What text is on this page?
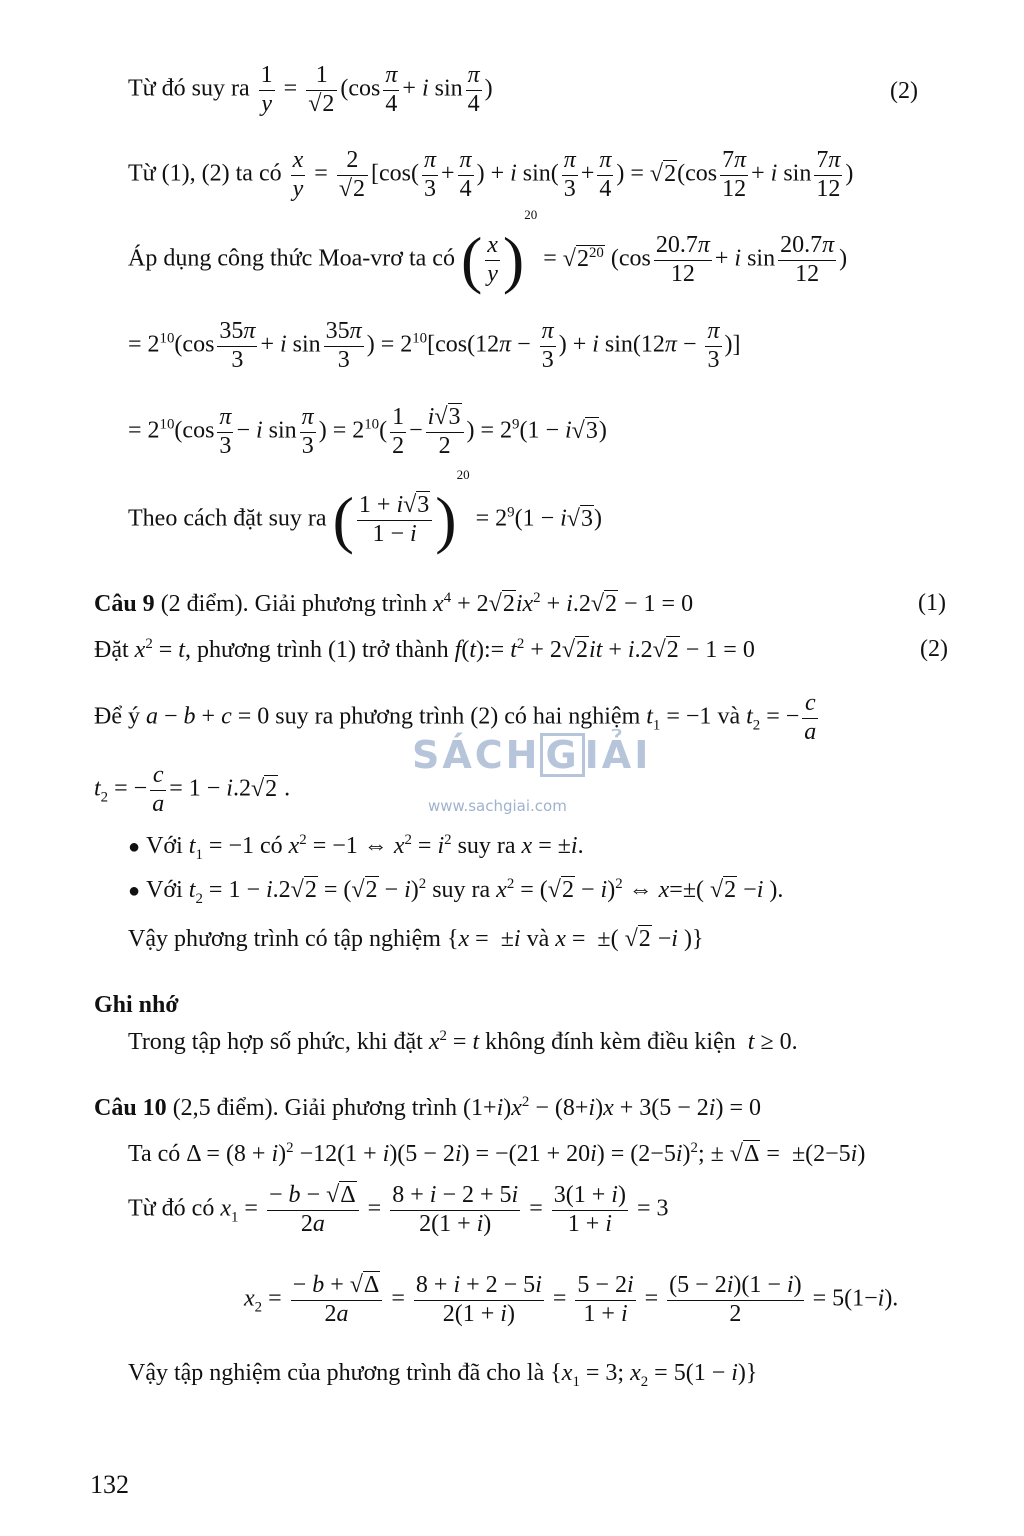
SÁCH G IẢI
www.sachgiai.com
Từ đó suy ra $\frac{1}{y} = 1$
√ 2 ($\cos \frac{\pi}{4} + i$ $\sin \frac{\pi}{4}$ )	(2)
Từ (1), (2) ta có $\frac{x}{y} = 2$
√ 2 [$\cos( \frac{\pi}{3} + \frac{\pi}{4}$ ) + i $\sin( \frac{\pi}{3} + \frac{\pi}{4}$ ) = √ $2(\cos \frac{7\pi}{12} + i$ $\sin \frac{7\pi}{12}$ )
Áp dụng công thức Moa-vrơ ta có ( $\frac{x}{y} )^{20}$ = √ $2^{20}$ ($\cos \frac{20.7\pi}{12} + i$ $\sin \frac{20.7\pi}{12}$ )
= $2^{10}(\cos \frac{35\pi}{3} + i$ $\sin \frac{35\pi}{3}$ ) = $2^{10}[\cos(12\pi - \frac{\pi}{3}$ ) + i $\sin(12\pi - \frac{\pi}{3}$ )]
= $2^{10}(\cos \frac{\pi}{3} - i$ $\sin \frac{\pi}{3}$ ) = $2^{10}( \frac{1}{2} - \frac{i√ 3}{2}$ ) = $2^9(1 - i√$ 3)
Theo cách đặt suy ra ( $\frac{1 + i√ 3}{1 - i} )^{20} = 2^9(1 - i√$ 3)
Câu 9 (2 điểm). Giải phương trình $x^4 + 2√$ $2ix^2 + i.2√$ 2 − 1 = 0	(1)
Đặt $x^2 = t$, phương trình (1) trở thành f(t):= $t^2 + 2√$ 2it + i.2√ 2 − 1 = 0	(2)
Để ý a − b + c = 0 suy ra phương trình (2) có hai nghiệm $t_1 = -1$ và $t_2$ = − $\frac{c}{a}$
$t_2$ = − $\frac{c}{a} = 1 - i.2√$ 2 .
● Với $t_1 = -1$ có $x^2 = -1$ ⇔ $x^2 = i^2$ suy ra x = ±i.
● Với $t_2 = 1 - i.2√$ 2 = (√ 2 − i)$^2$ suy ra $x^2$ = (√ 2 − i)$^2$ ⇔ x=±( √ 2 −i ).
Vậy phương trình có tập nghiệm {x =  ±i và x =  ±( √ 2 −i )}
Ghi nhớ
Trong tập hợp số phức, khi đặt $x^2 = t$ không đính kèm điều kiện t ≥ 0.
Câu 10 (2,5 điểm). Giải phương trình $(1+i)x^2 - (8+i)x + 3(5 - 2i) = 0$
Ta có $\Delta = (8 + i)^2 -12(1 + i)(5 - 2i) = -(21 + 20i) = (2-5i)^2$; ± √ Δ =  ±(2−5i)
Từ đó có $x_1 = \frac{- b - √ \Delta}{2a} = \frac{8 + i - 2 + 5i}{2(1 + i)} = \frac{3(1 + i)}{1 + i} = 3$
$x_2 = \frac{- b + √ \Delta}{2a} = \frac{8 + i + 2 - 5i}{2(1 + i)} = \frac{5 - 2i}{1 + i} = \frac{(5 - 2i)(1 - i)}{2} = 5(1-i)$.
Vậy tập nghiệm của phương trình đã cho là {$x_1 = 3$; $x_2 = 5(1 - i)$}
132
